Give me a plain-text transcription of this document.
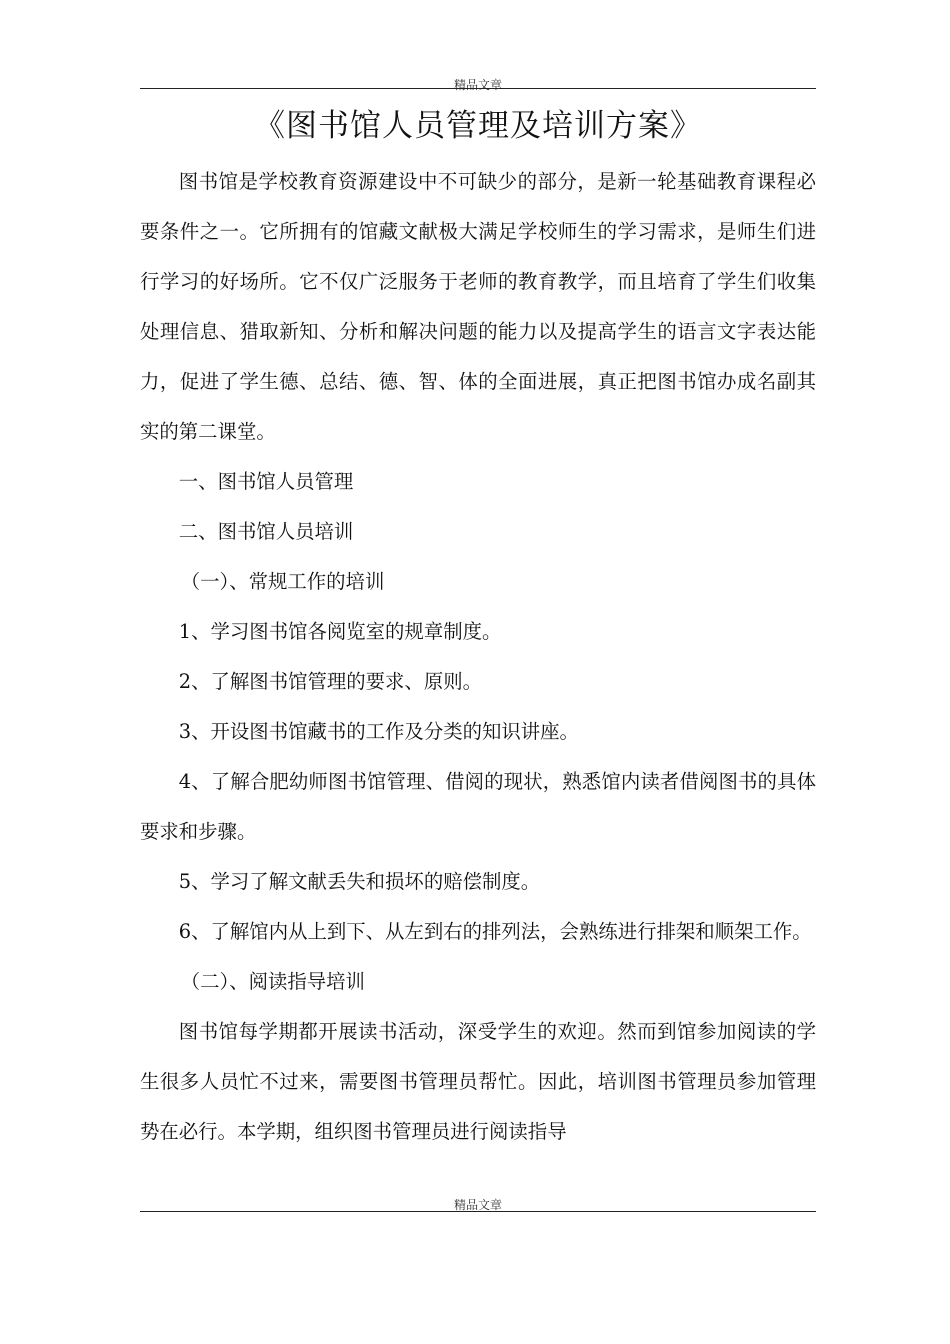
精品文章
《图书馆人员管理及培训方案》

图书馆是学校教育资源建设中不可缺少的部分，是新一轮基础教育课程必要条件之一。它所拥有的馆藏文献极大满足学校师生的学习需求，是师生们进行学习的好场所。它不仅广泛服务于老师的教育教学，而且培育了学生们收集处理信息、猎取新知、分析和解决问题的能力以及提高学生的语言文字表达能力，促进了学生德、总结、德、智、体的全面进展，真正把图书馆办成名副其实的第二课堂。

一、图书馆人员管理

二、图书馆人员培训

（一）、常规工作的培训

1、学习图书馆各阅览室的规章制度。

2、了解图书馆管理的要求、原则。

3、开设图书馆藏书的工作及分类的知识讲座。

4、了解合肥幼师图书馆管理、借阅的现状，熟悉馆内读者借阅图书的具体要求和步骤。

5、学习了解文献丢失和损坏的赔偿制度。

6、了解馆内从上到下、从左到右的排列法，会熟练进行排架和顺架工作。

（二）、阅读指导培训

图书馆每学期都开展读书活动，深受学生的欢迎。然而到馆参加阅读的学生很多人员忙不过来，需要图书管理员帮忙。因此，培训图书管理员参加管理势在必行。本学期，组织图书管理员进行阅读指导

精品文章
